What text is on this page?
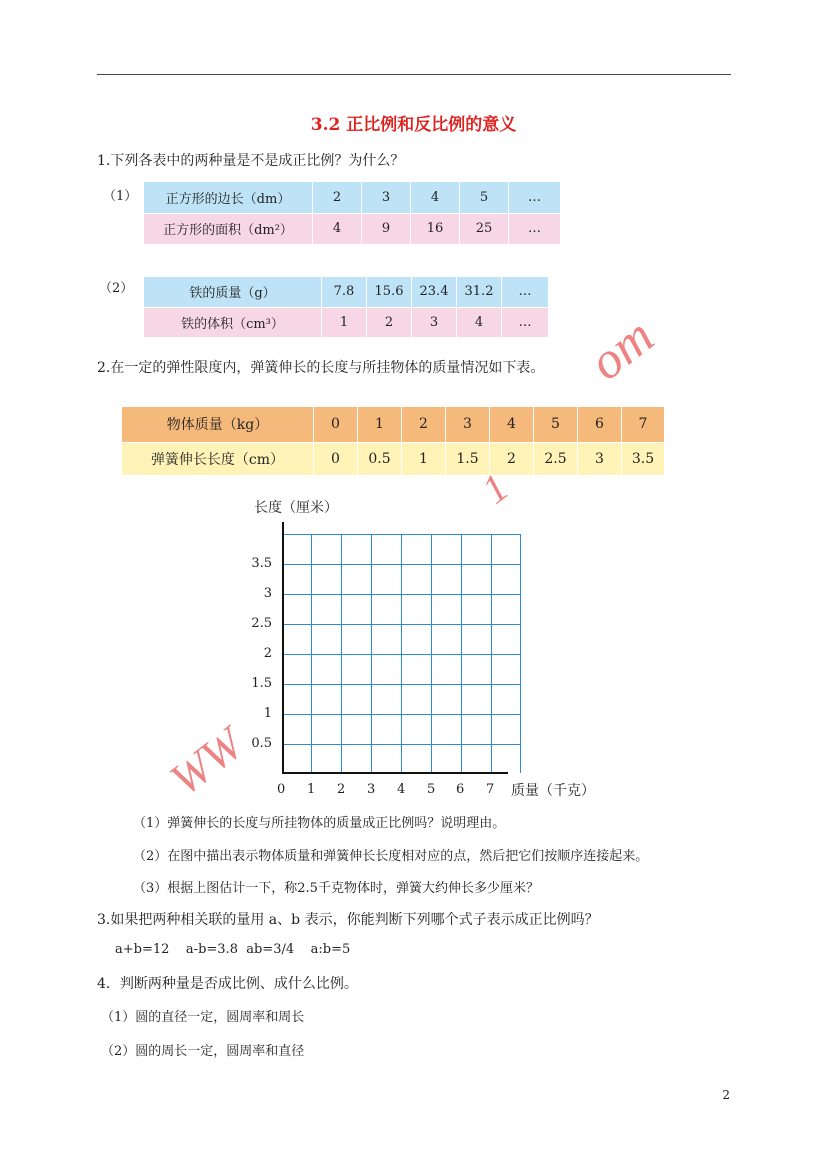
3.2 正比例和反比例的意义
1.下列各表中的两种量是不是成正比例？为什么？
（1） 正方形的边长（dm）	2	3	4	5	…
正方形的面积（dm²）	4	9	16	25	…
（2）	铁的质量（g）	7.8	15.6	23.4	31.2	…
铁的体积（cm³）	1	2	3	4	…
2.在一定的弹性限度内，弹簧伸长的长度与所挂物体的质量情况如下表。
物体质量（kg）	0	1	2	3	4	5	6	7
弹簧伸长长度（cm）	0	0.5	1	1.5	2	2.5	3	3.5
长度（厘米）
3.5
3
2.5
2
1.5
1
0.5
0 1 2 3 4 5 6 7 质量（千克）
（1）弹簧伸长的长度与所挂物体的质量成正比例吗？说明理由。
（2）在图中描出表示物体质量和弹簧伸长长度相对应的点，然后把它们按顺序连接起来。
（3）根据上图估计一下，称2.5千克物体时，弹簧大约伸长多少厘米？
3.如果把两种相关联的量用 a、b 表示，你能判断下列哪个式子表示成正比例吗？
a+b=12    a-b=3.8  ab=3/4    a:b=5
4．判断两种量是否成比例、成什么比例。
（1）圆的直径一定，圆周率和周长
（2）圆的周长一定，圆周率和直径
2
WW
om
1
